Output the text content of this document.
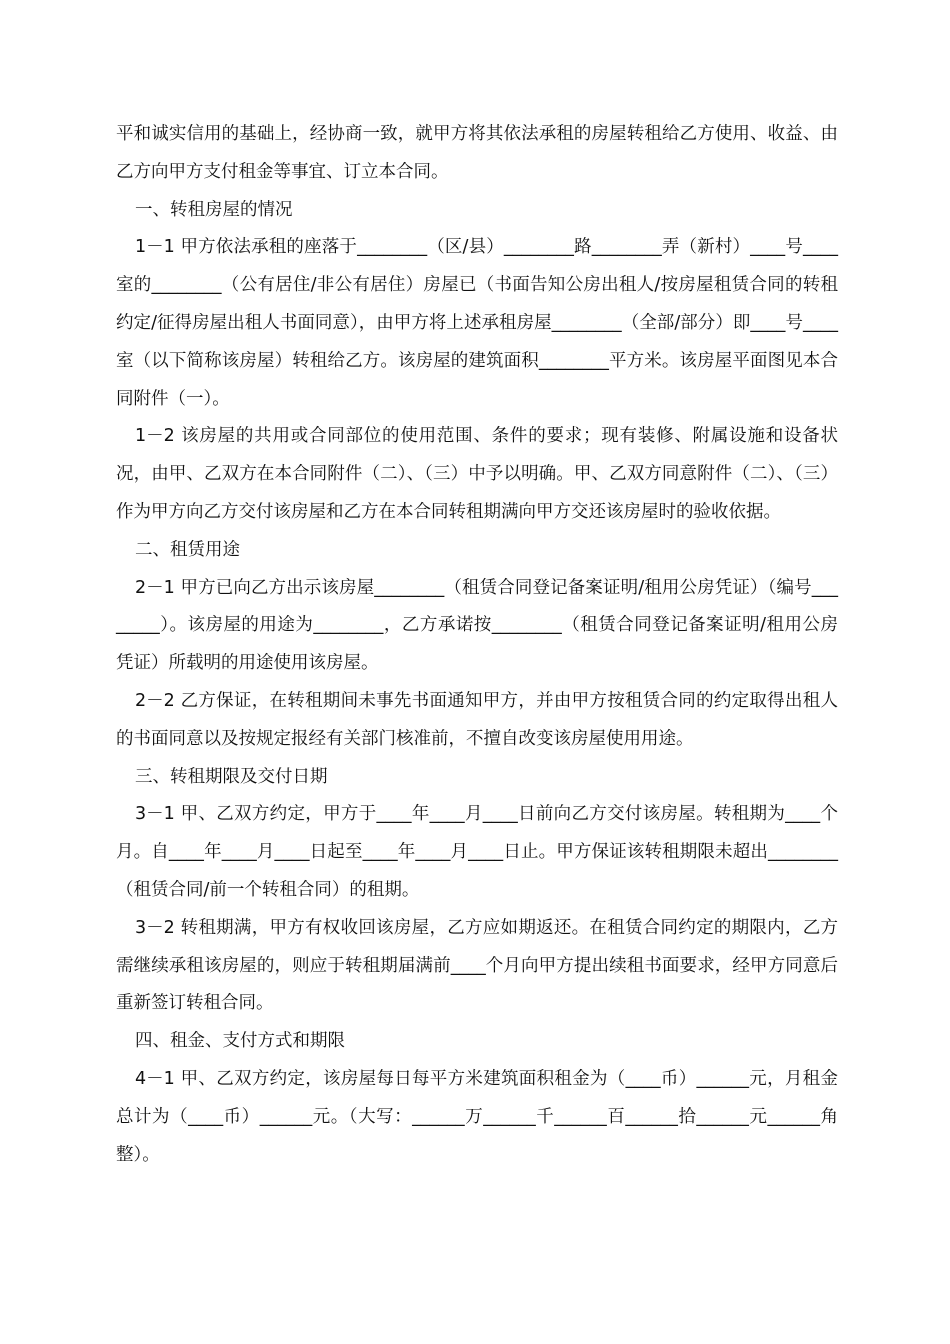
平和诚实信用的基础上，经协商一致，就甲方将其依法承租的房屋转租给乙方使用、收益、由乙方向甲方支付租金等事宜、订立本合同。

一、转租房屋的情况

1－1 甲方依法承租的座落于________（区/县）________路________弄（新村）____号____室的________（公有居住/非公有居住）房屋已（书面告知公房出租人/按房屋租赁合同的转租约定/征得房屋出租人书面同意），由甲方将上述承租房屋________（全部/部分）即____号____室（以下简称该房屋）转租给乙方。该房屋的建筑面积________平方米。该房屋平面图见本合同附件（一）。

1－2 该房屋的共用或合同部位的使用范围、条件的要求；现有装修、附属设施和设备状况，由甲、乙双方在本合同附件（二）、（三）中予以明确。甲、乙双方同意附件（二）、（三）作为甲方向乙方交付该房屋和乙方在本合同转租期满向甲方交还该房屋时的验收依据。

二、租赁用途

2－1 甲方已向乙方出示该房屋________（租赁合同登记备案证明/租用公房凭证）（编号________）。该房屋的用途为________，乙方承诺按________（租赁合同登记备案证明/租用公房凭证）所载明的用途使用该房屋。

2－2 乙方保证，在转租期间未事先书面通知甲方，并由甲方按租赁合同的约定取得出租人的书面同意以及按规定报经有关部门核准前，不擅自改变该房屋使用用途。

三、转租期限及交付日期

3－1 甲、乙双方约定，甲方于____年____月____日前向乙方交付该房屋。转租期为____个月。自____年____月____日起至____年____月____日止。甲方保证该转租期限未超出________（租赁合同/前一个转租合同）的租期。

3－2 转租期满，甲方有权收回该房屋，乙方应如期返还。在租赁合同约定的期限内，乙方需继续承租该房屋的，则应于转租期届满前____个月向甲方提出续租书面要求，经甲方同意后重新签订转租合同。

四、租金、支付方式和期限

4－1 甲、乙双方约定，该房屋每日每平方米建筑面积租金为（____币）______元，月租金总计为（____币）______元。（大写：______万______千______百______拾______元______角整）。
